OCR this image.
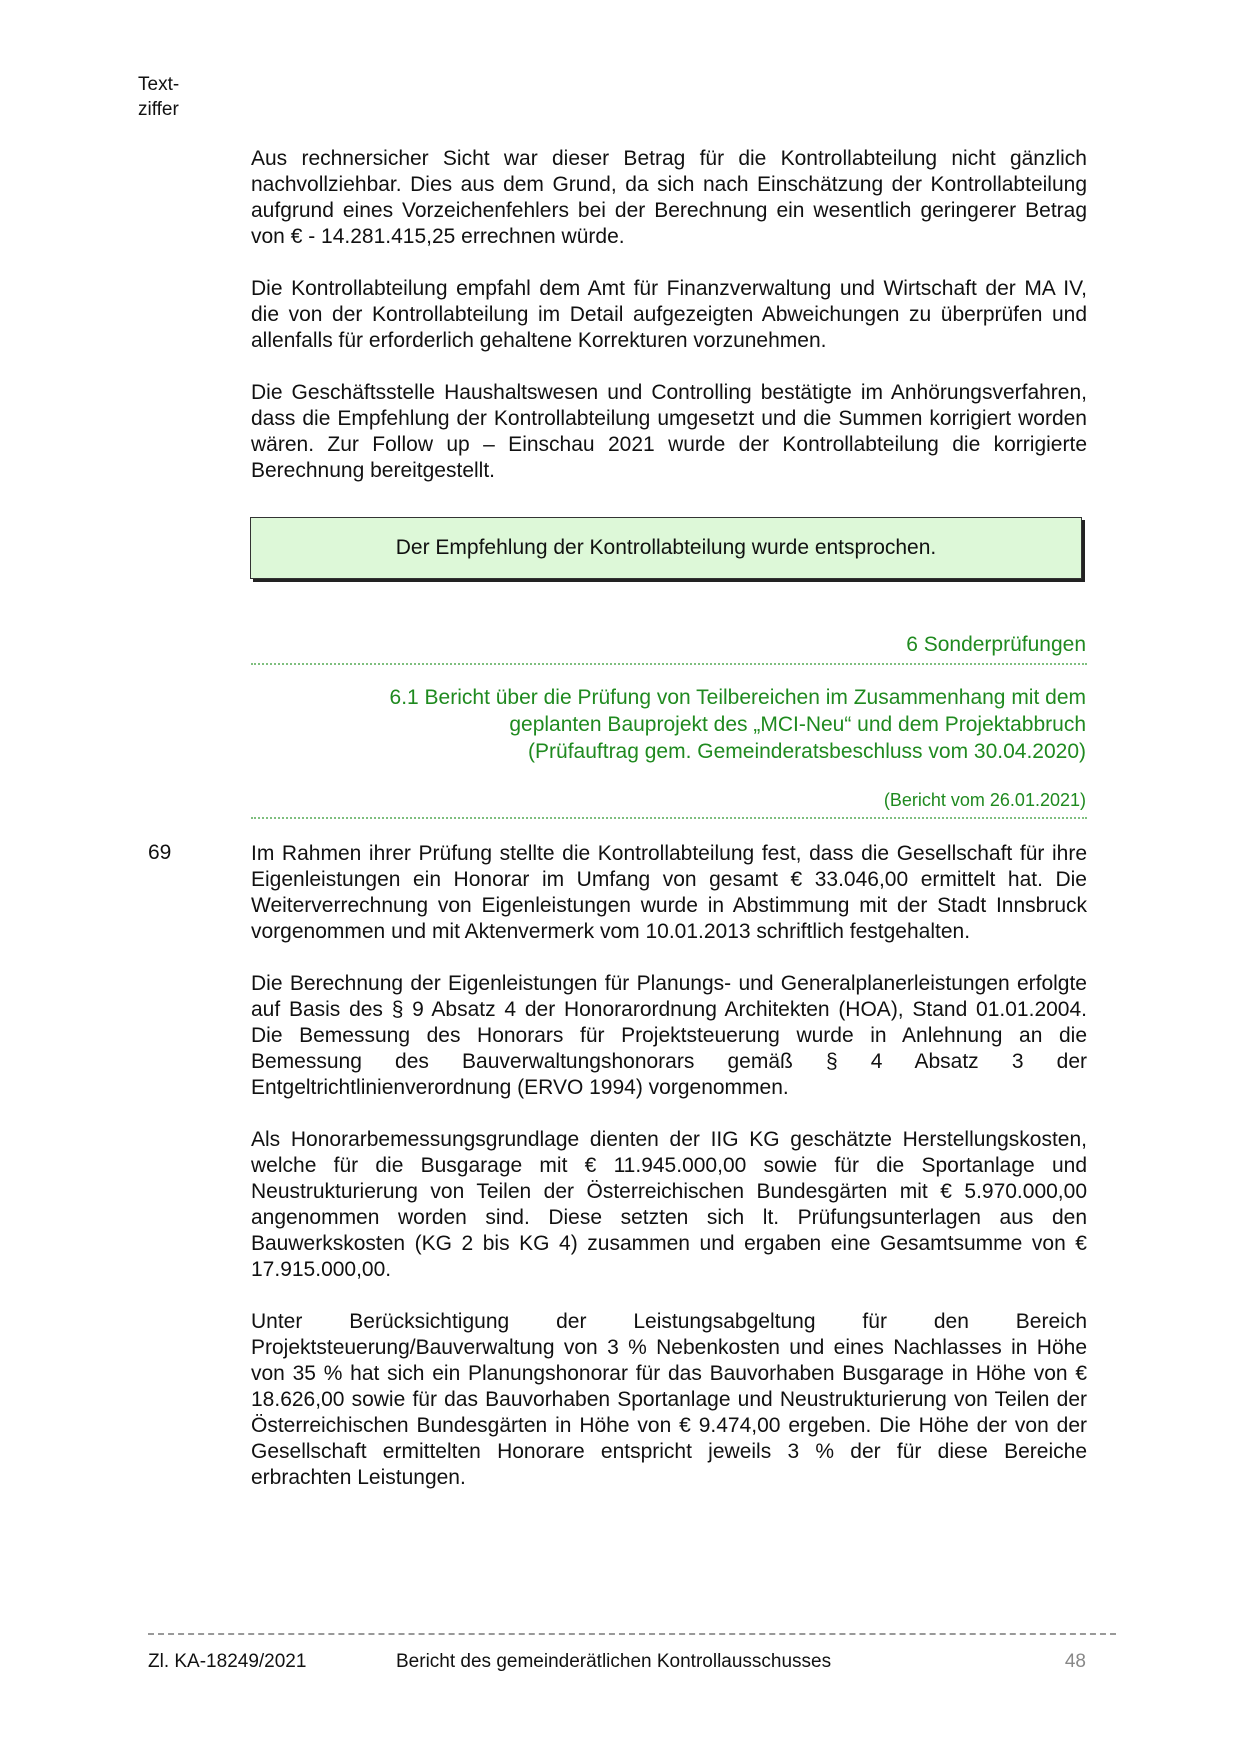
Text-
ziffer

Aus rechnersicher Sicht war dieser Betrag für die Kontrollabteilung nicht gänzlich nachvollziehbar. Dies aus dem Grund, da sich nach Einschätzung der Kontrollabteilung aufgrund eines Vorzeichenfehlers bei der Berechnung ein wesentlich geringerer Betrag von € - 14.281.415,25 errechnen würde.

Die Kontrollabteilung empfahl dem Amt für Finanzverwaltung und Wirtschaft der MA IV, die von der Kontrollabteilung im Detail aufgezeigten Abweichungen zu überprüfen und allenfalls für erforderlich gehaltene Korrekturen vorzunehmen.

Die Geschäftsstelle Haushaltswesen und Controlling bestätigte im Anhörungsverfahren, dass die Empfehlung der Kontrollabteilung umgesetzt und die Summen korrigiert worden wären. Zur Follow up – Einschau 2021 wurde der Kontrollabteilung die korrigierte Berechnung bereitgestellt.

Der Empfehlung der Kontrollabteilung wurde entsprochen.
6 Sonderprüfungen
6.1 Bericht über die Prüfung von Teilbereichen im Zusammenhang mit dem
geplanten Bauprojekt des „MCI-Neu“ und dem Projektabbruch
(Prüfauftrag gem. Gemeinderatsbeschluss vom 30.04.2020)
(Bericht vom 26.01.2021)
69	Im Rahmen ihrer Prüfung stellte die Kontrollabteilung fest, dass die Gesellschaft für ihre Eigenleistungen ein Honorar im Umfang von gesamt € 33.046,00 ermittelt hat. Die Weiterverrechnung von Eigenleistungen wurde in Abstimmung mit der Stadt Innsbruck vorgenommen und mit Aktenvermerk vom 10.01.2013 schriftlich festgehalten.

Die Berechnung der Eigenleistungen für Planungs- und Generalplanerleistungen erfolgte auf Basis des § 9 Absatz 4 der Honorarordnung Architekten (HOA), Stand 01.01.2004. Die Bemessung des Honorars für Projektsteuerung wurde in Anlehnung an die Bemessung des Bauverwaltungshonorars gemäß § 4 Absatz 3 der Entgeltrichtlinienverordnung (ERVO 1994) vorgenommen.

Als Honorarbemessungsgrundlage dienten der IIG KG geschätzte Herstellungskosten, welche für die Busgarage mit € 11.945.000,00 sowie für die Sportanlage und Neustrukturierung von Teilen der Österreichischen Bundesgärten mit € 5.970.000,00 angenommen worden sind. Diese setzten sich lt. Prüfungsunterlagen aus den Bauwerkskosten (KG 2 bis KG 4) zusammen und ergaben eine Gesamtsumme von € 17.915.000,00.

Unter Berücksichtigung der Leistungsabgeltung für den Bereich Projektsteuerung/Bauverwaltung von 3 % Nebenkosten und eines Nachlasses in Höhe von 35 % hat sich ein Planungshonorar für das Bauvorhaben Busgarage in Höhe von € 18.626,00 sowie für das Bauvorhaben Sportanlage und Neustrukturierung von Teilen der Österreichischen Bundesgärten in Höhe von € 9.474,00 ergeben. Die Höhe der von der Gesellschaft ermittelten Honorare entspricht jeweils 3 % der für diese Bereiche erbrachten Leistungen.

Zl. KA-18249/2021	Bericht des gemeinderätlichen Kontrollausschusses	48
